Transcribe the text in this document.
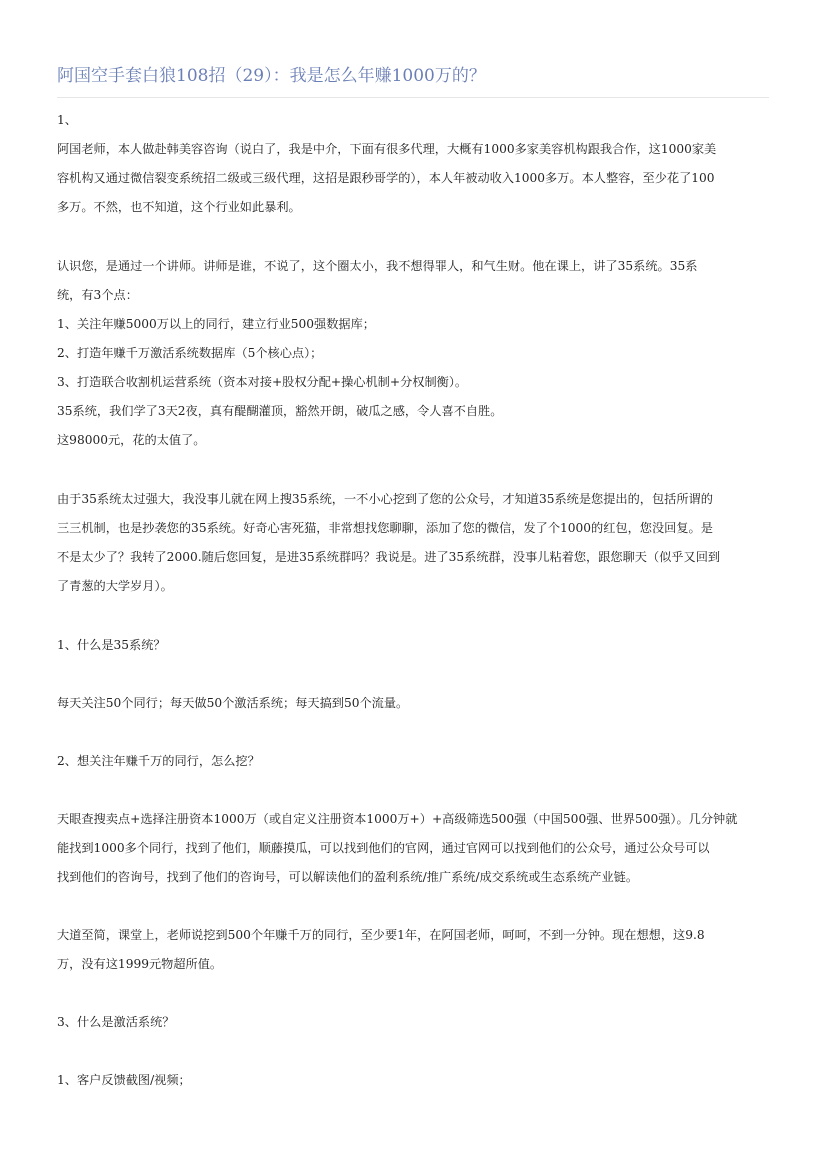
阿国空手套白狼108招（29）：我是怎么年赚1000万的？
1、
阿国老师，本人做赴韩美容咨询（说白了，我是中介，下面有很多代理，大概有1000多家美容机构跟我合作，这1000家美
容机构又通过微信裂变系统招二级或三级代理，这招是跟秒哥学的），本人年被动收入1000多万。本人整容，至少花了100
多万。不然，也不知道，这个行业如此暴利。
认识您，是通过一个讲师。讲师是谁，不说了，这个圈太小，我不想得罪人，和气生财。他在课上，讲了35系统。35系
统，有3个点：
1、关注年赚5000万以上的同行，建立行业500强数据库；
2、打造年赚千万激活系统数据库（5个核心点）；
3、打造联合收割机运营系统（资本对接+股权分配+操心机制+分权制衡）。
35系统，我们学了3天2夜，真有醍醐灌顶，豁然开朗，破瓜之感，令人喜不自胜。
这98000元，花的太值了。
由于35系统太过强大，我没事儿就在网上搜35系统，一不小心挖到了您的公众号，才知道35系统是您提出的，包括所谓的
三三机制，也是抄袭您的35系统。好奇心害死猫，非常想找您聊聊，添加了您的微信，发了个1000的红包，您没回复。是
不是太少了？我转了2000.随后您回复，是进35系统群吗？我说是。进了35系统群，没事儿粘着您，跟您聊天（似乎又回到
了青葱的大学岁月）。
1、什么是35系统？
每天关注50个同行；每天做50个激活系统；每天搞到50个流量。
2、想关注年赚千万的同行，怎么挖？
天眼查搜卖点+选择注册资本1000万（或自定义注册资本1000万+）+高级筛选500强（中国500强、世界500强）。几分钟就
能找到1000多个同行，找到了他们，顺藤摸瓜，可以找到他们的官网，通过官网可以找到他们的公众号，通过公众号可以
找到他们的咨询号，找到了他们的咨询号，可以解读他们的盈利系统/推广系统/成交系统或生态系统产业链。
大道至简，课堂上，老师说挖到500个年赚千万的同行，至少要1年，在阿国老师，呵呵，不到一分钟。现在想想，这9.8
万，没有这1999元物超所值。
3、什么是激活系统？
1、客户反馈截图/视频；
